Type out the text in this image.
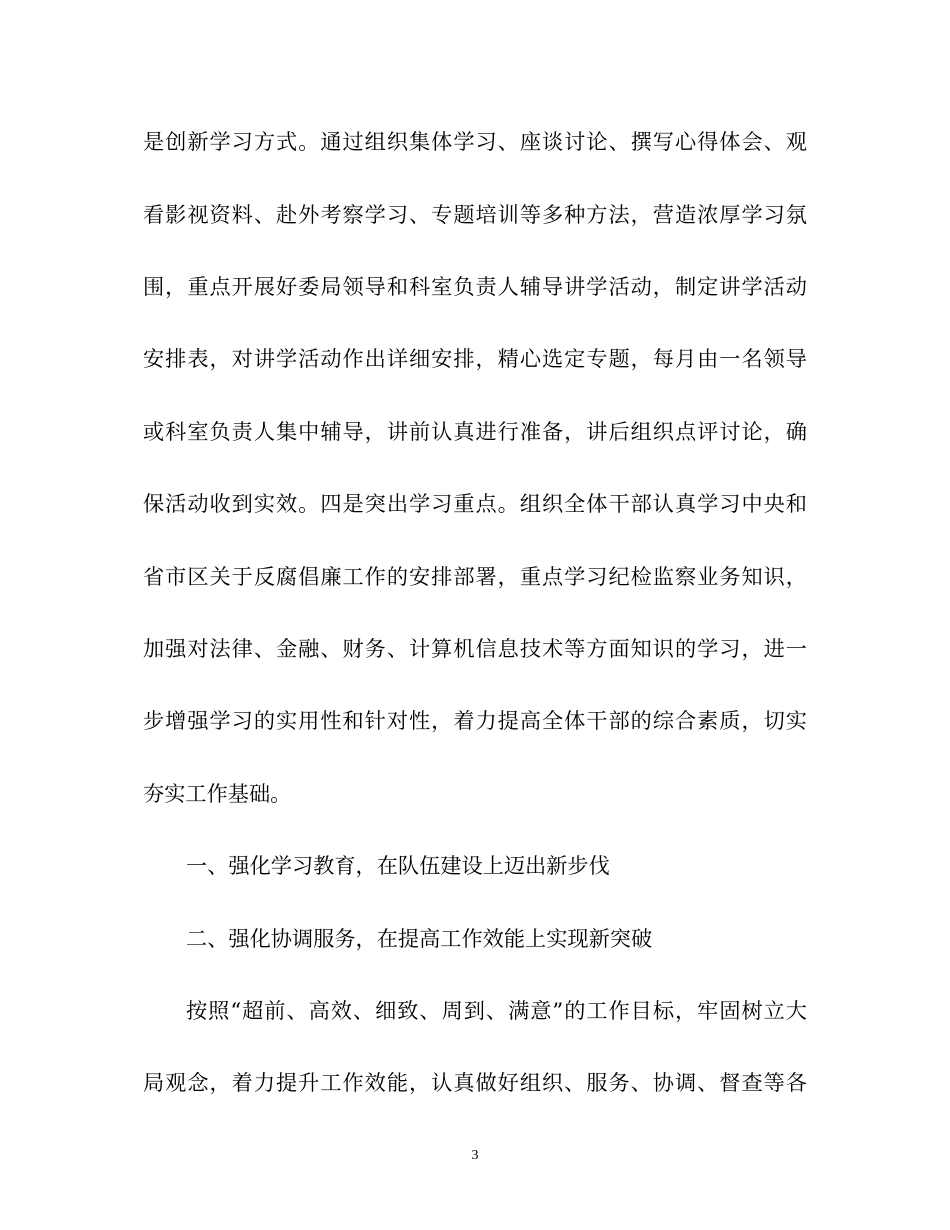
是创新学习方式。通过组织集体学习、座谈讨论、撰写心得体会、观
看影视资料、赴外考察学习、专题培训等多种方法，营造浓厚学习氛
围，重点开展好委局领导和科室负责人辅导讲学活动，制定讲学活动
安排表，对讲学活动作出详细安排，精心选定专题，每月由一名领导
或科室负责人集中辅导，讲前认真进行准备，讲后组织点评讨论，确
保活动收到实效。四是突出学习重点。组织全体干部认真学习中央和
省市区关于反腐倡廉工作的安排部署，重点学习纪检监察业务知识，
加强对法律、金融、财务、计算机信息技术等方面知识的学习，进一
步增强学习的实用性和针对性，着力提高全体干部的综合素质，切实
夯实工作基础。
一、强化学习教育，在队伍建设上迈出新步伐
二、强化协调服务，在提高工作效能上实现新突破
按照“超前、高效、细致、周到、满意”的工作目标，牢固树立大
局观念，着力提升工作效能，认真做好组织、服务、协调、督查等各
3
